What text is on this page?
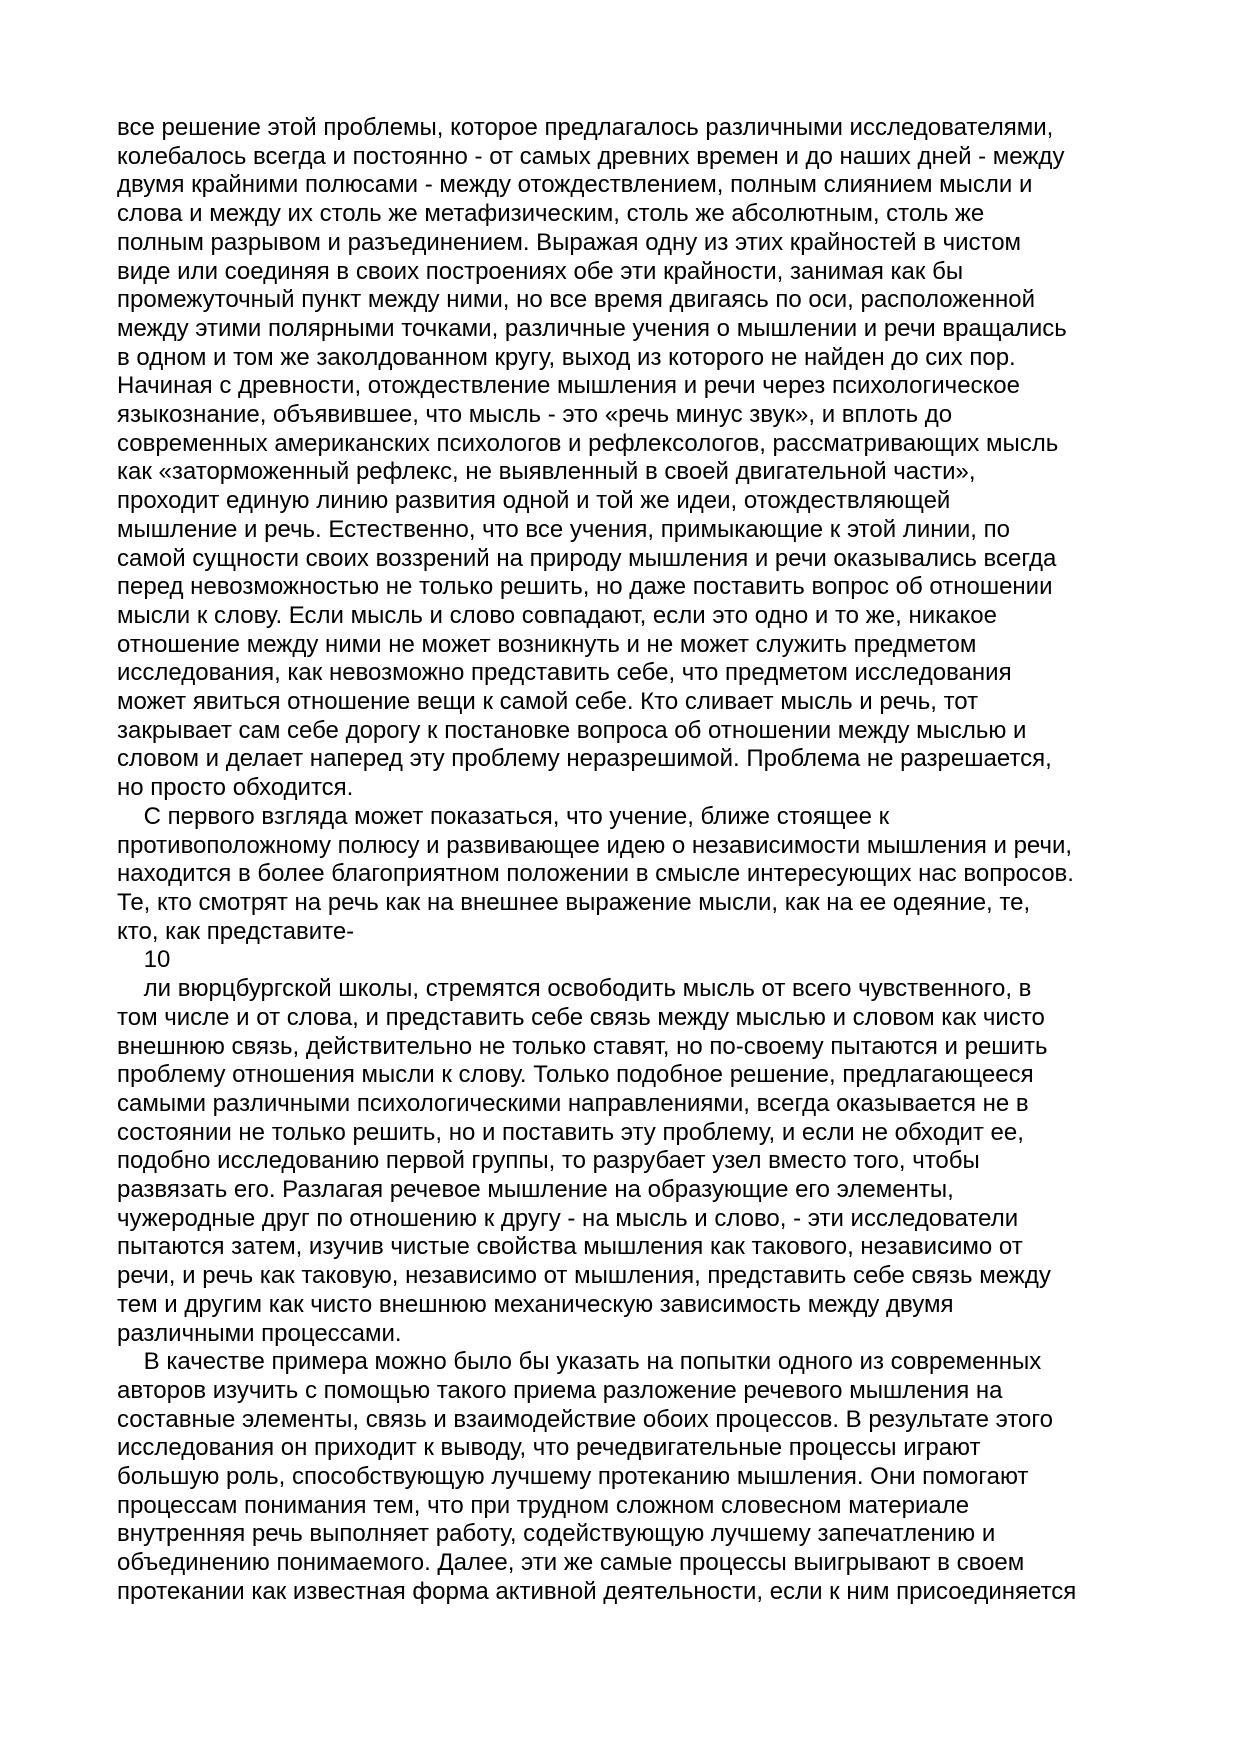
все решение этой проблемы, которое предлагалось различными исследователями,
колебалось всегда и постоянно - от самых древних времен и до наших дней - между
двумя крайними полюсами - между отождествлением, полным слиянием мысли и
слова и между их столь же метафизическим, столь же абсолютным, столь же
полным разрывом и разъединением. Выражая одну из этих крайностей в чистом
виде или соединяя в своих построениях обе эти крайности, занимая как бы
промежуточный пункт между ними, но все время двигаясь по оси, расположенной
между этими полярными точками, различные учения о мышлении и речи вращались
в одном и том же заколдованном кругу, выход из которого не найден до сих пор.
Начиная с древности, отождествление мышления и речи через психологическое
языкознание, объявившее, что мысль - это «речь минус звук», и вплоть до
современных американских психологов и рефлексологов, рассматривающих мысль
как «заторможенный рефлекс, не выявленный в своей двигательной части»,
проходит единую линию развития одной и той же идеи, отождествляющей
мышление и речь. Естественно, что все учения, примыкающие к этой линии, по
самой сущности своих воззрений на природу мышления и речи оказывались всегда
перед невозможностью не только решить, но даже поставить вопрос об отношении
мысли к слову. Если мысль и слово совпадают, если это одно и то же, никакое
отношение между ними не может возникнуть и не может служить предметом
исследования, как невозможно представить себе, что предметом исследования
может явиться отношение вещи к самой себе. Кто сливает мысль и речь, тот
закрывает сам себе дорогу к постановке вопроса об отношении между мыслью и
словом и делает наперед эту проблему неразрешимой. Проблема не разрешается,
но просто обходится.
С первого взгляда может показаться, что учение, ближе стоящее к
противоположному полюсу и развивающее идею о независимости мышления и речи,
находится в более благоприятном положении в смысле интересующих нас вопросов.
Те, кто смотрят на речь как на внешнее выражение мысли, как на ее одеяние, те,
кто, как представите-
10
ли вюрцбургской школы, стремятся освободить мысль от всего чувственного, в
том числе и от слова, и представить себе связь между мыслью и словом как чисто
внешнюю связь, действительно не только ставят, но по-своему пытаются и решить
проблему отношения мысли к слову. Только подобное решение, предлагающееся
самыми различными психологическими направлениями, всегда оказывается не в
состоянии не только решить, но и поставить эту проблему, и если не обходит ее,
подобно исследованию первой группы, то разрубает узел вместо того, чтобы
развязать его. Разлагая речевое мышление на образующие его элементы,
чужеродные друг по отношению к другу - на мысль и слово, - эти исследователи
пытаются затем, изучив чистые свойства мышления как такового, независимо от
речи, и речь как таковую, независимо от мышления, представить себе связь между
тем и другим как чисто внешнюю механическую зависимость между двумя
различными процессами.
В качестве примера можно было бы указать на попытки одного из современных
авторов изучить с помощью такого приема разложение речевого мышления на
составные элементы, связь и взаимодействие обоих процессов. В результате этого
исследования он приходит к выводу, что речедвигательные процессы играют
большую роль, способствующую лучшему протеканию мышления. Они помогают
процессам понимания тем, что при трудном сложном словесном материале
внутренняя речь выполняет работу, содействующую лучшему запечатлению и
объединению понимаемого. Далее, эти же самые процессы выигрывают в своем
протекании как известная форма активной деятельности, если к ним присоединяется
